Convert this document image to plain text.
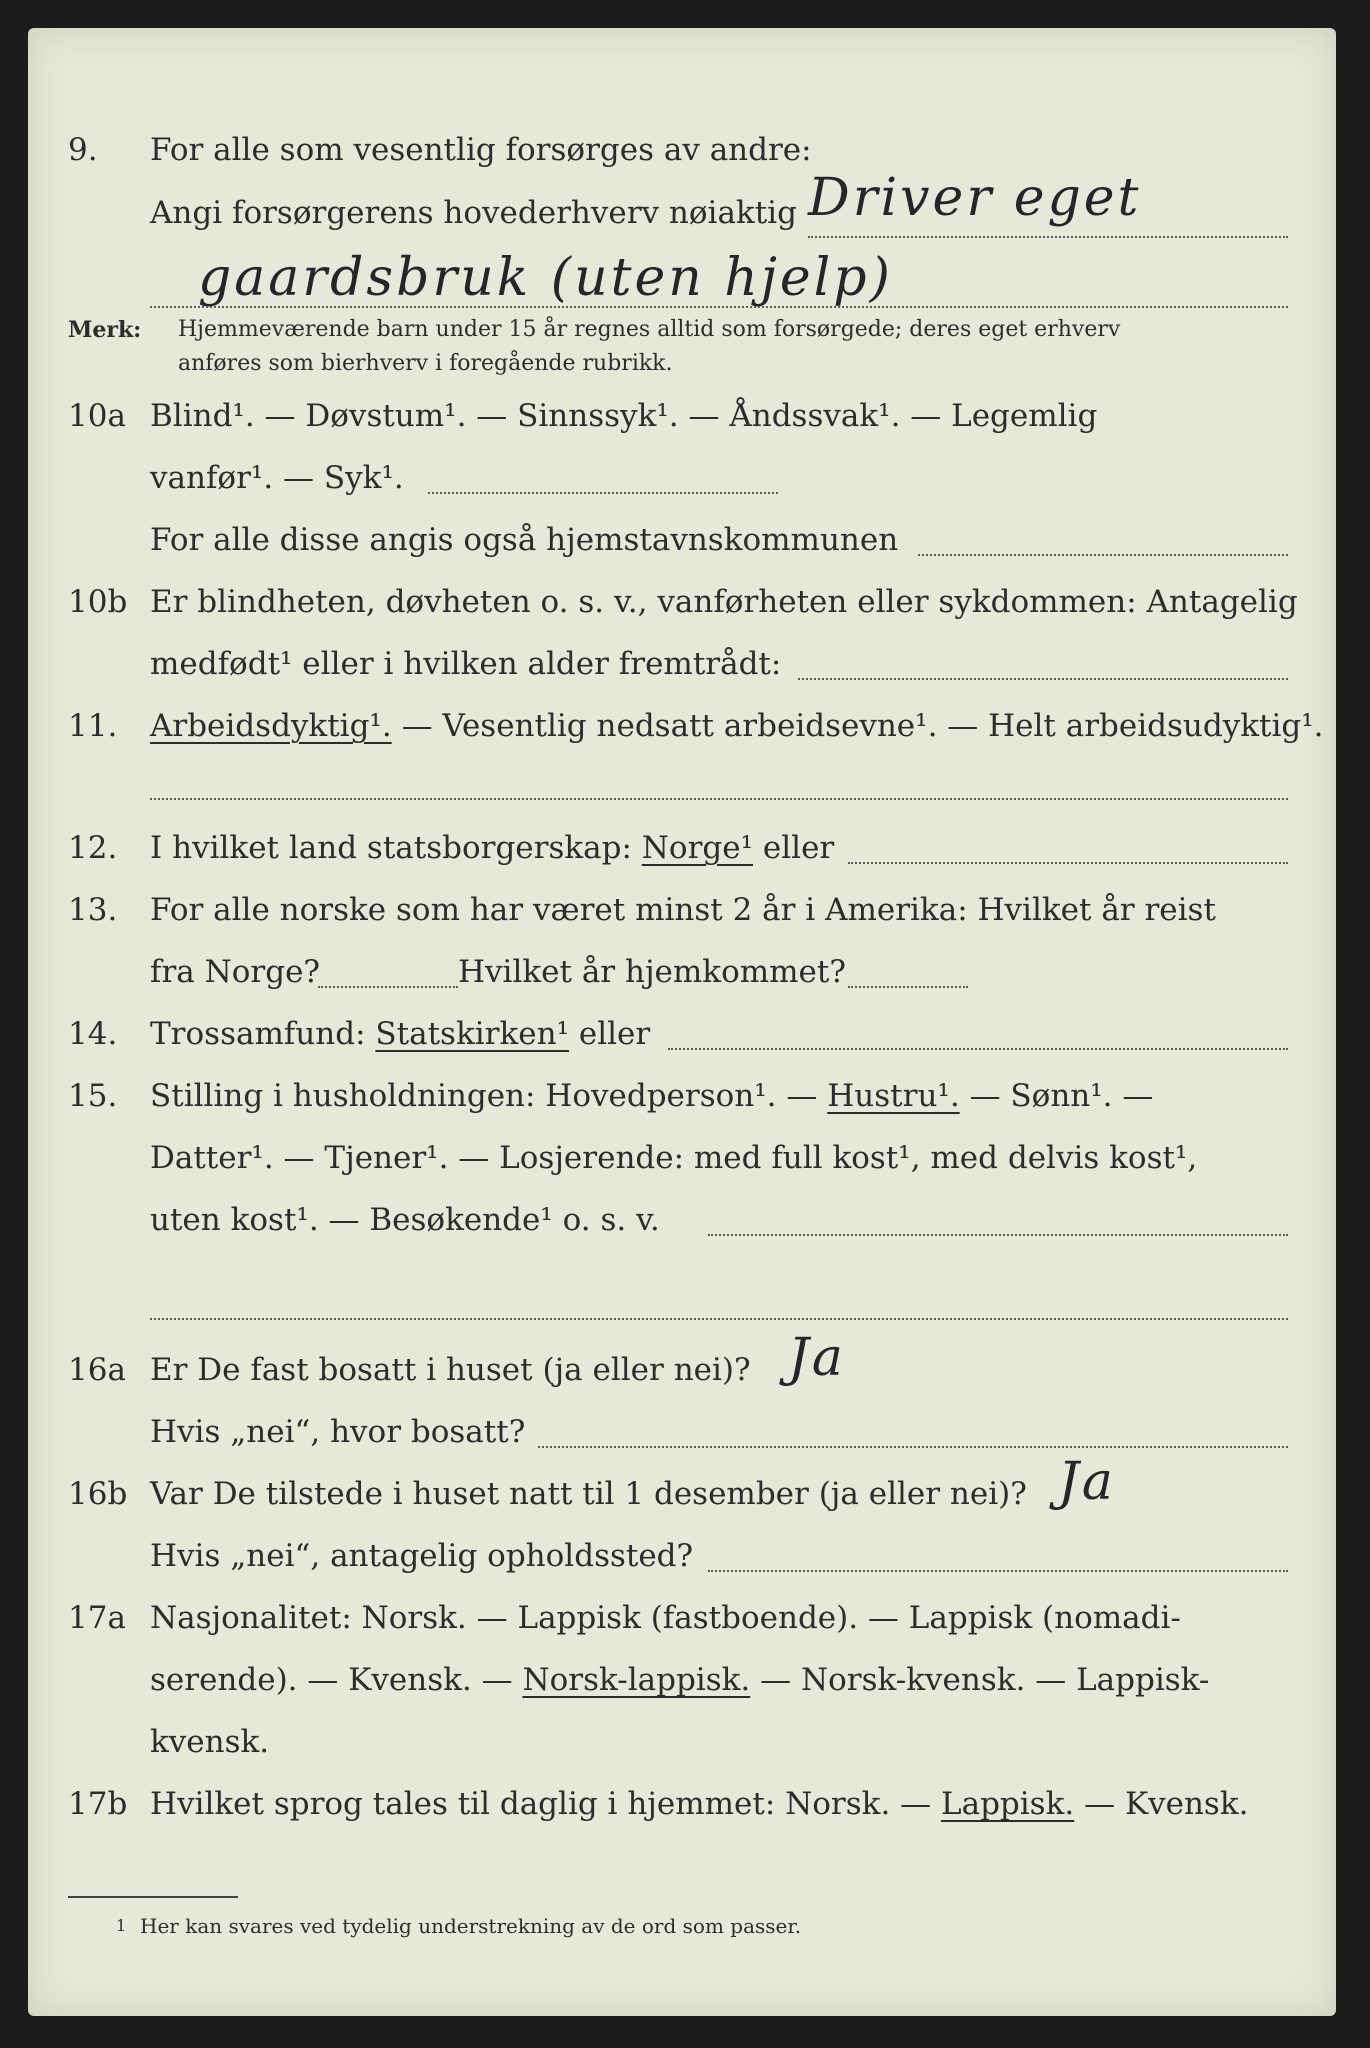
9. For alle som vesentlig forsørges av andre:
Angi forsørgerens hovederhverv nøiaktig Driver eget
gaardsbruk (uten hjelp)
Merk: Hjemmeværende barn under 15 år regnes alltid som forsørgede; deres eget erhverv
anføres som bierhverv i foregående rubrikk.
10a Blind¹. — Døvstum¹. — Sinnssyk¹. — Åndssvak¹. — Legemlig
vanfør¹. — Syk¹.
For alle disse angis også hjemstavnskommunen
10b Er blindheten, døvheten o. s. v., vanførheten eller sykdommen: Antagelig
medfødt¹ eller i hvilken alder fremtrådt:
11. Arbeidsdyktig¹. — Vesentlig nedsatt arbeidsevne¹. — Helt arbeidsudyktig¹.
12. I hvilket land statsborgerskap: Norge¹ eller
13. For alle norske som har været minst 2 år i Amerika: Hvilket år reist
fra Norge?	Hvilket år hjemkommet?
14. Trossamfund: Statskirken¹ eller
15. Stilling i husholdningen: Hovedperson¹. — Hustru¹. — Sønn¹. —
Datter¹. — Tjener¹. — Losjerende: med full kost¹, med delvis kost¹,
uten kost¹. — Besøkende¹ o. s. v.
16a Er De fast bosatt i huset (ja eller nei)? Ja
Hvis „nei“, hvor bosatt?
16b Var De tilstede i huset natt til 1 desember (ja eller nei)? Ja
Hvis „nei“, antagelig opholdssted?
17a Nasjonalitet: Norsk. — Lappisk (fastboende). — Lappisk (nomadi-
serende). — Kvensk. — Norsk-lappisk. — Norsk-kvensk. — Lappisk-
kvensk.
17b Hvilket sprog tales til daglig i hjemmet: Norsk. — Lappisk. — Kvensk.
1 Her kan svares ved tydelig understrekning av de ord som passer.
